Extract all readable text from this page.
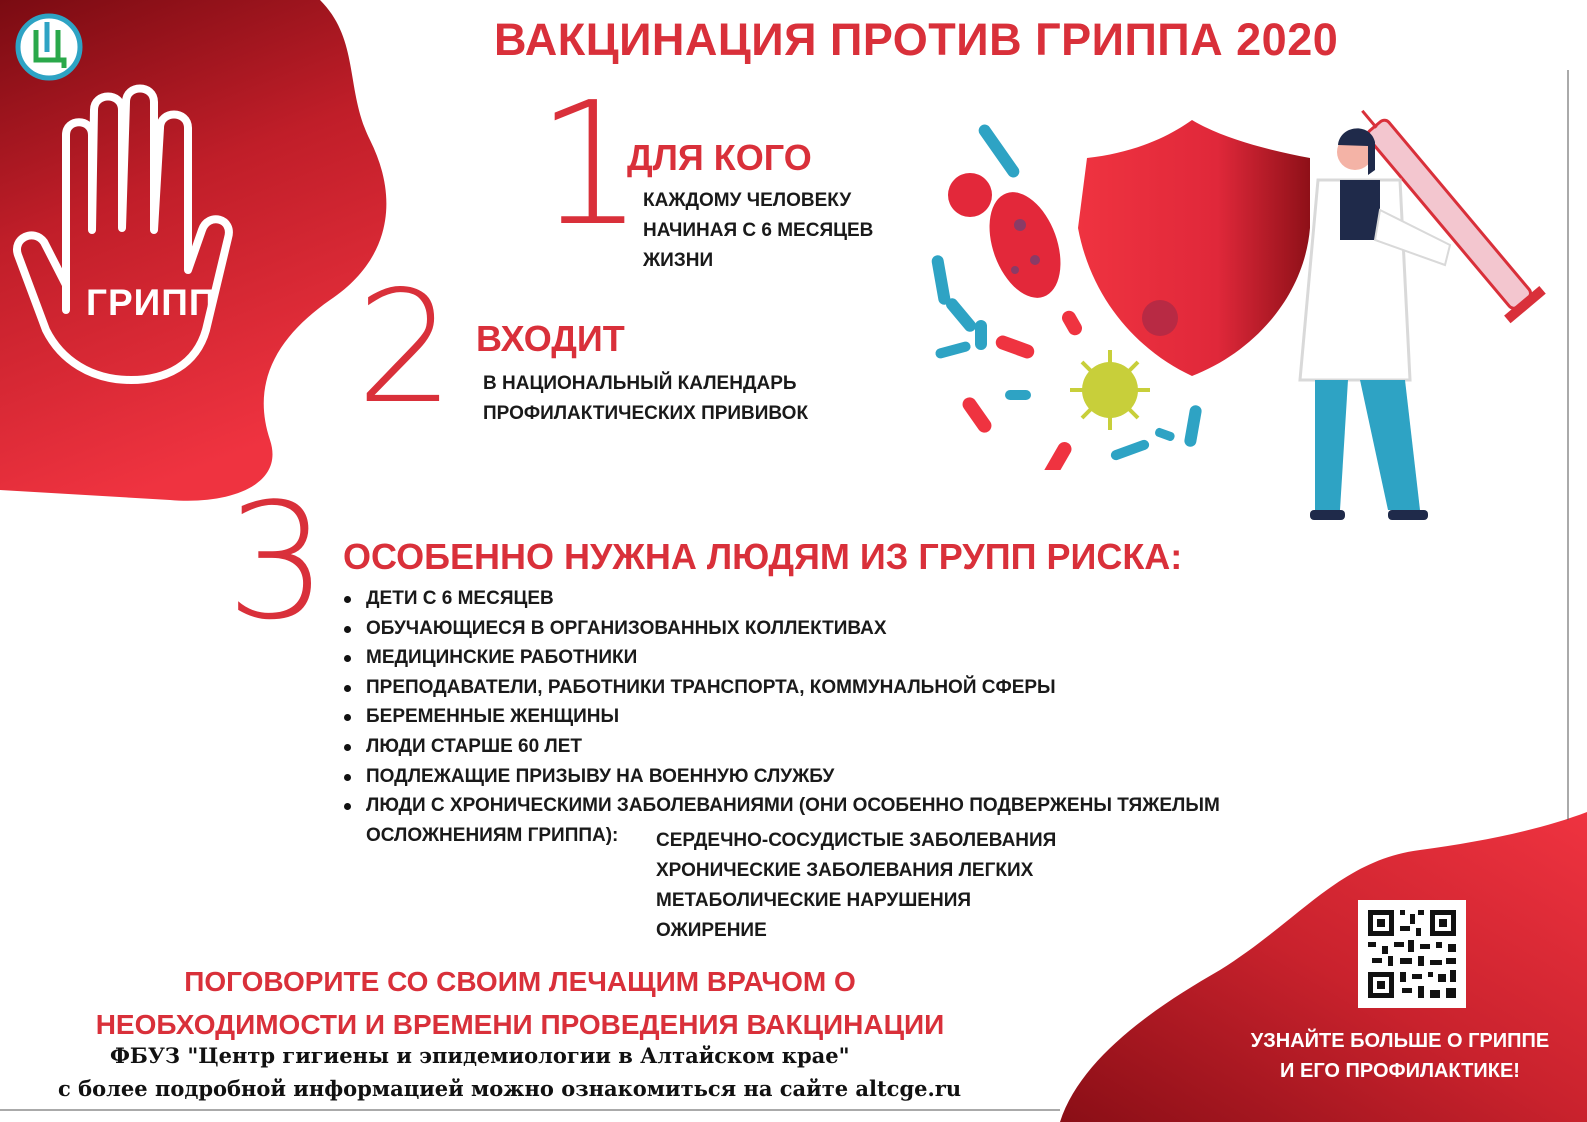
ГРИПП
ВАКЦИНАЦИЯ ПРОТИВ ГРИППА 2020
1
ДЛЯ КОГО
КАЖДОМУ ЧЕЛОВЕКУ
НАЧИНАЯ С 6 МЕСЯЦЕВ
ЖИЗНИ
2 ВХОДИТ
В НАЦИОНАЛЬНЫЙ КАЛЕНДАРЬ
ПРОФИЛАКТИЧЕСКИХ ПРИВИВОК
3 ОСОБЕННО НУЖНА ЛЮДЯМ ИЗ ГРУПП РИСКА:
ДЕТИ С 6 МЕСЯЦЕВ
ОБУЧАЮЩИЕСЯ В ОРГАНИЗОВАННЫХ КОЛЛЕКТИВАХ
МЕДИЦИНСКИЕ РАБОТНИКИ
ПРЕПОДАВАТЕЛИ, РАБОТНИКИ ТРАНСПОРТА, КОММУНАЛЬНОЙ СФЕРЫ
БЕРЕМЕННЫЕ ЖЕНЩИНЫ
ЛЮДИ СТАРШЕ 60 ЛЕТ
ПОДЛЕЖАЩИЕ ПРИЗЫВУ НА ВОЕННУЮ СЛУЖБУ
ЛЮДИ С ХРОНИЧЕСКИМИ ЗАБОЛЕВАНИЯМИ (ОНИ ОСОБЕННО ПОДВЕРЖЕНЫ ТЯЖЕЛЫМ
ОСЛОЖНЕНИЯМ ГРИППА):	СЕРДЕЧНО-СОСУДИСТЫЕ ЗАБОЛЕВАНИЯ
ХРОНИЧЕСКИЕ ЗАБОЛЕВАНИЯ ЛЕГКИХ
МЕТАБОЛИЧЕСКИЕ НАРУШЕНИЯ
ОЖИРЕНИЕ
ПОГОВОРИТЕ СО СВОИМ ЛЕЧАЩИМ ВРАЧОМ О
НЕОБХОДИМОСТИ И ВРЕМЕНИ ПРОВЕДЕНИЯ ВАКЦИНАЦИИ
ФБУЗ "Центр гигиены и эпидемиологии в Алтайском крае"
с более подробной информацией можно ознакомиться на сайте altcge.ru
УЗНАЙТЕ БОЛЬШЕ О ГРИППЕ
И ЕГО ПРОФИЛАКТИКЕ!
